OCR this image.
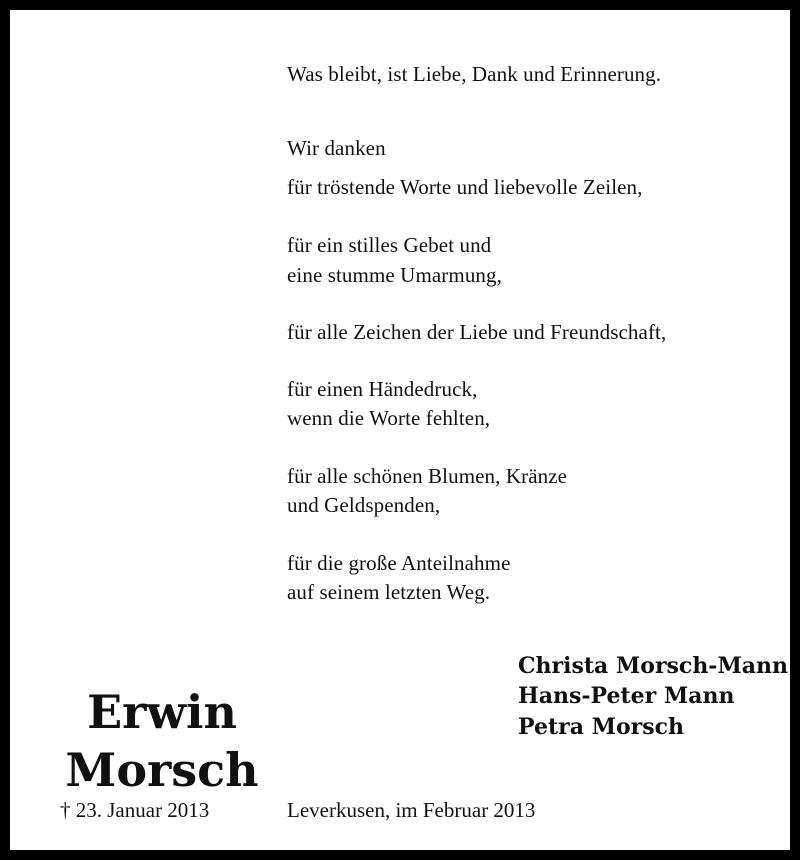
Was bleibt, ist Liebe, Dank und Erinnerung.
Wir danken
für tröstende Worte und liebevolle Zeilen,
für ein stilles Gebet und
eine stumme Umarmung,
für alle Zeichen der Liebe und Freundschaft,
für einen Händedruck,
wenn die Worte fehlten,
für alle schönen Blumen, Kränze
und Geldspenden,
für die große Anteilnahme
auf seinem letzten Weg.
Christa Morsch-Mann
Hans-Peter Mann
Petra Morsch
Erwin
Morsch
† 23. Januar 2013	Leverkusen, im Februar 2013
